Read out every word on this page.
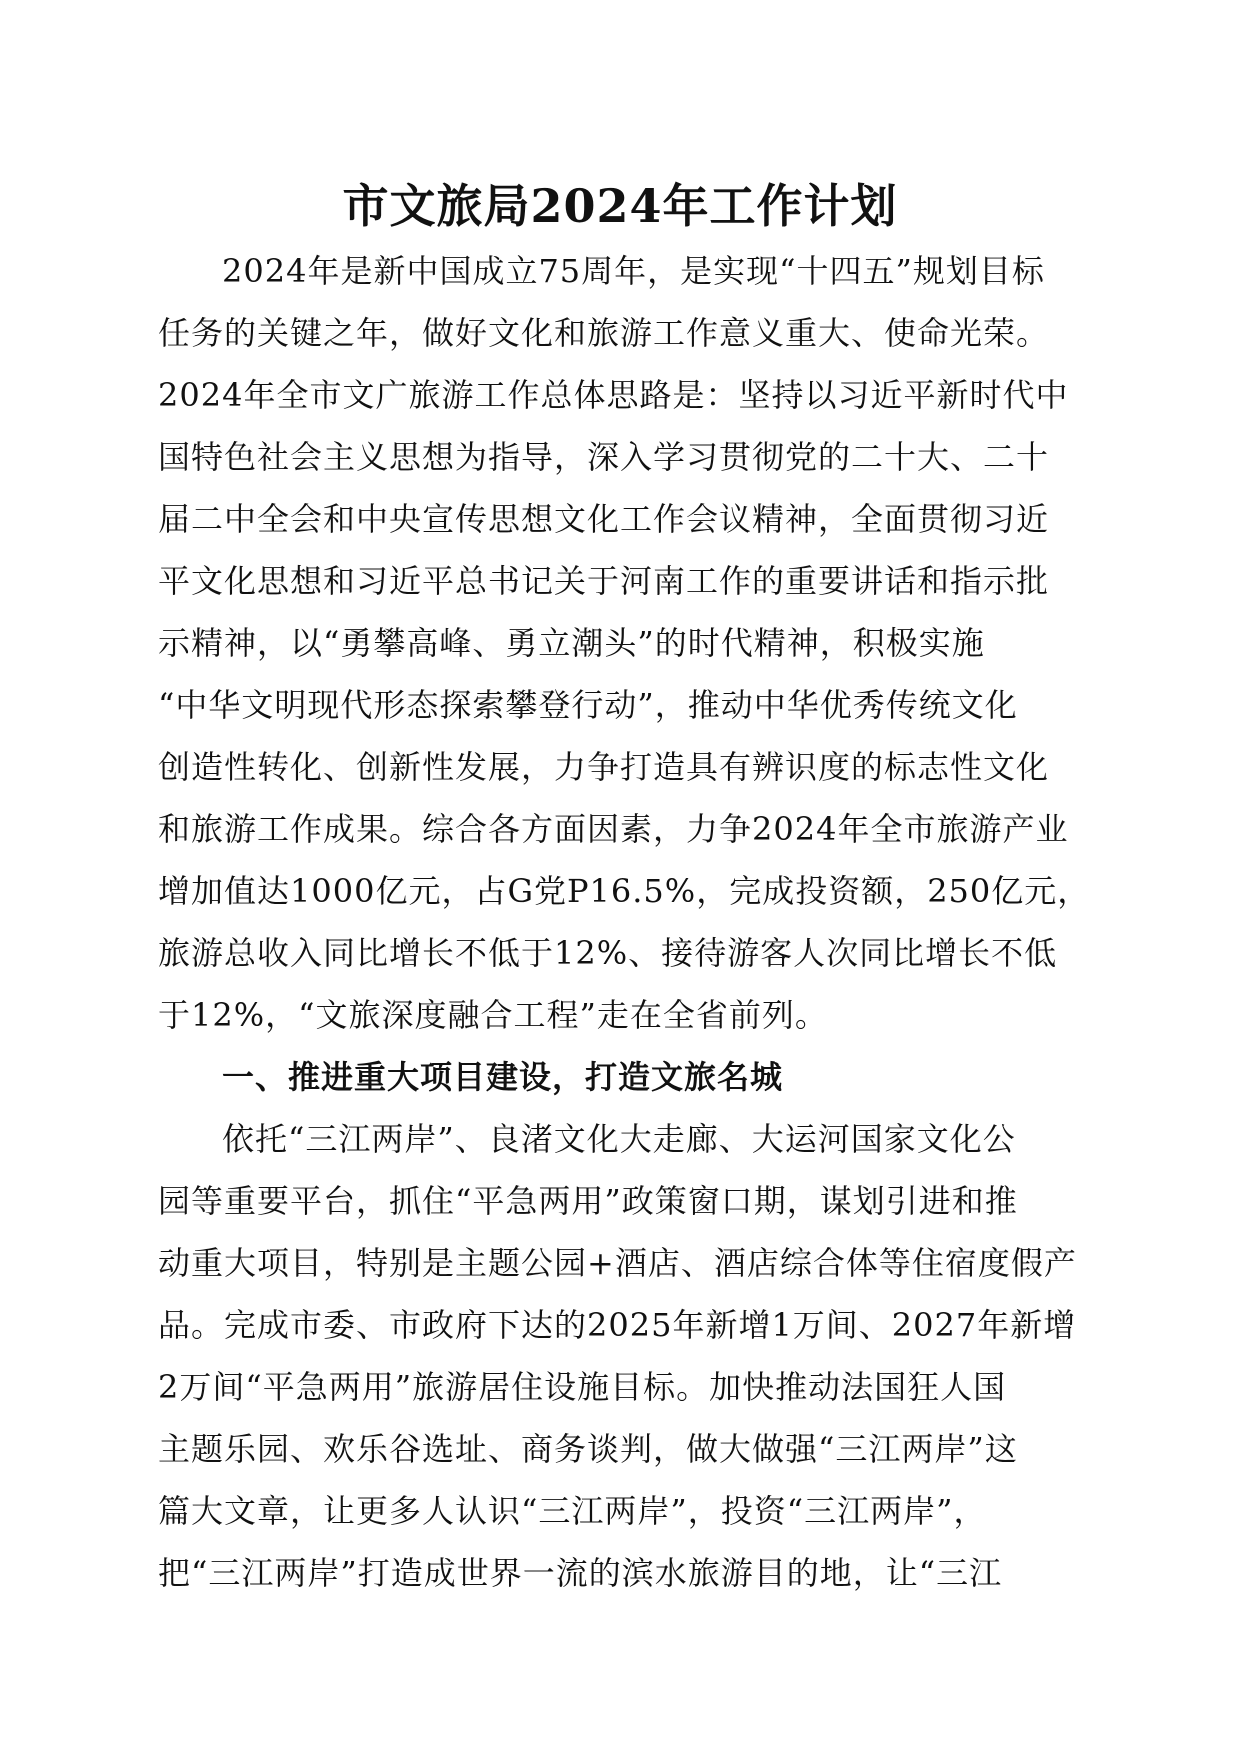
市文旅局2024年工作计划
2024年是新中国成立75周年，是实现“十四五”规划目标
任务的关键之年，做好文化和旅游工作意义重大、使命光荣。
2024年全市文广旅游工作总体思路是：坚持以习近平新时代中
国特色社会主义思想为指导，深入学习贯彻党的二十大、二十
届二中全会和中央宣传思想文化工作会议精神，全面贯彻习近
平文化思想和习近平总书记关于河南工作的重要讲话和指示批
示精神，以“勇攀高峰、勇立潮头”的时代精神，积极实施
“中华文明现代形态探索攀登行动”，推动中华优秀传统文化
创造性转化、创新性发展，力争打造具有辨识度的标志性文化
和旅游工作成果。综合各方面因素，力争2024年全市旅游产业
增加值达1000亿元，占G党P16.5%，完成投资额，250亿元，
旅游总收入同比增长不低于12%、接待游客人次同比增长不低
于12%，“文旅深度融合工程”走在全省前列。
一、推进重大项目建设，打造文旅名城
依托“三江两岸”、良渚文化大走廊、大运河国家文化公
园等重要平台，抓住“平急两用”政策窗口期，谋划引进和推
动重大项目，特别是主题公园+酒店、酒店综合体等住宿度假产
品。完成市委、市政府下达的2025年新增1万间、2027年新增
2万间“平急两用”旅游居住设施目标。加快推动法国狂人国
主题乐园、欢乐谷选址、商务谈判，做大做强“三江两岸”这
篇大文章，让更多人认识“三江两岸”，投资“三江两岸”，
把“三江两岸”打造成世界一流的滨水旅游目的地，让“三江
